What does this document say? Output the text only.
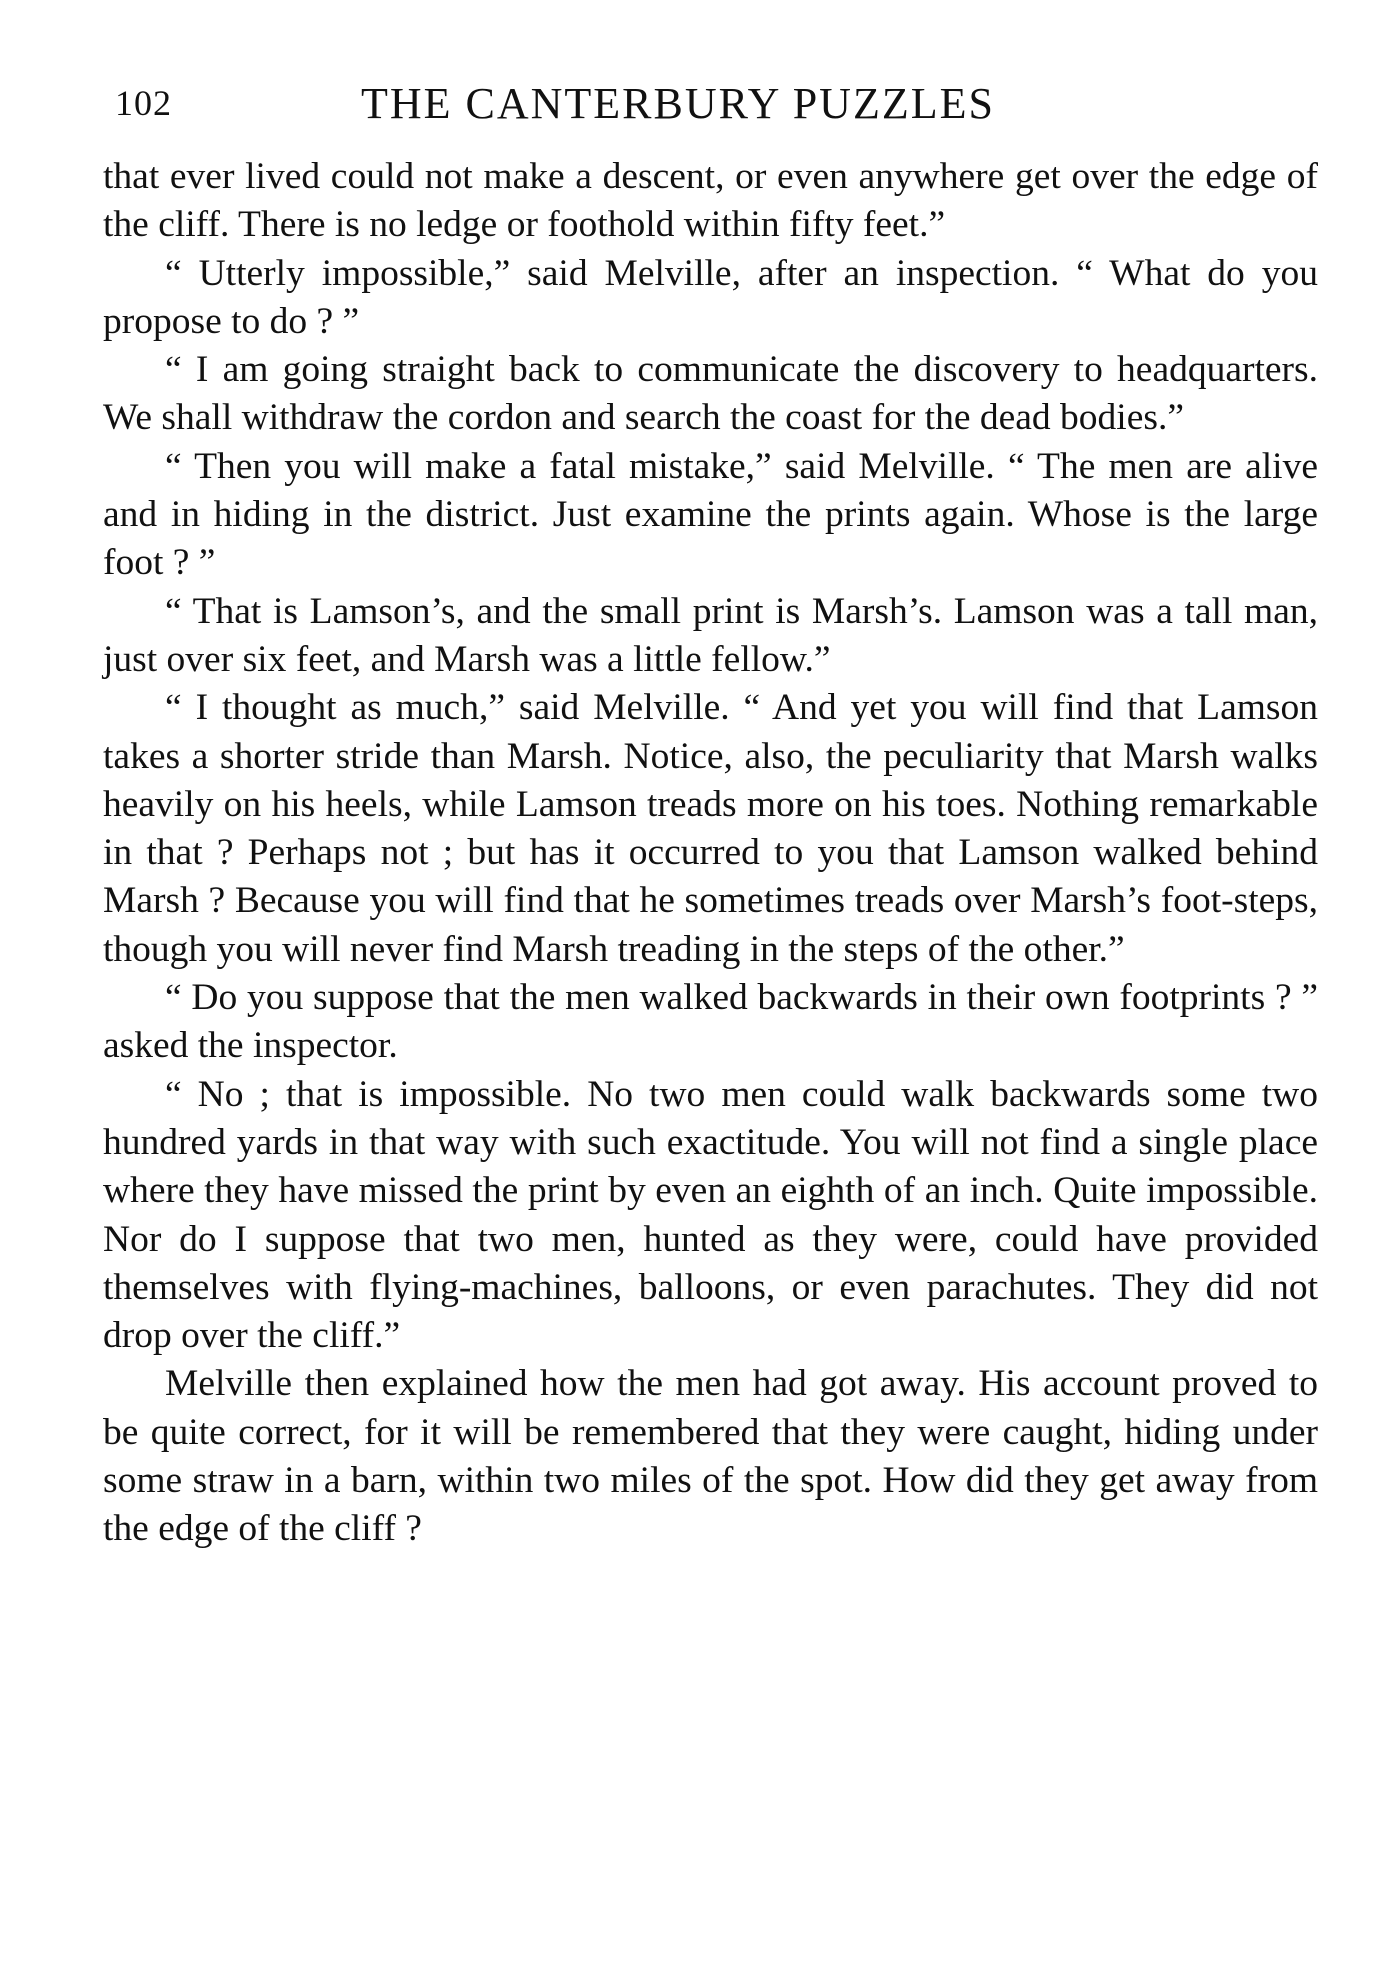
102	THE CANTERBURY PUZZLES

that ever lived could not make a descent, or even anywhere get over the edge of the cliff. There is no ledge or foothold within fifty feet.”

“ Utterly impossible,” said Melville, after an inspection. “ What do you propose to do ? ”

“ I am going straight back to communicate the discovery to headquarters. We shall withdraw the cordon and search the coast for the dead bodies.”

“ Then you will make a fatal mistake,” said Melville. “ The men are alive and in hiding in the district. Just examine the prints again. Whose is the large foot ? ”

“ That is Lamson’s, and the small print is Marsh’s. Lamson was a tall man, just over six feet, and Marsh was a little fellow.”

“ I thought as much,” said Melville. “ And yet you will find that Lamson takes a shorter stride than Marsh. Notice, also, the peculiarity that Marsh walks heavily on his heels, while Lamson treads more on his toes. Nothing remarkable in that ? Perhaps not ; but has it occurred to you that Lamson walked behind Marsh ? Because you will find that he sometimes treads over Marsh’s foot-steps, though you will never find Marsh treading in the steps of the other.”

“ Do you suppose that the men walked backwards in their own footprints ? ” asked the inspector.

“ No ; that is impossible. No two men could walk backwards some two hundred yards in that way with such exactitude. You will not find a single place where they have missed the print by even an eighth of an inch. Quite impossible. Nor do I suppose that two men, hunted as they were, could have provided themselves with flying-machines, balloons, or even parachutes. They did not drop over the cliff.”

Melville then explained how the men had got away. His account proved to be quite correct, for it will be remembered that they were caught, hiding under some straw in a barn, within two miles of the spot. How did they get away from the edge of the cliff ?
